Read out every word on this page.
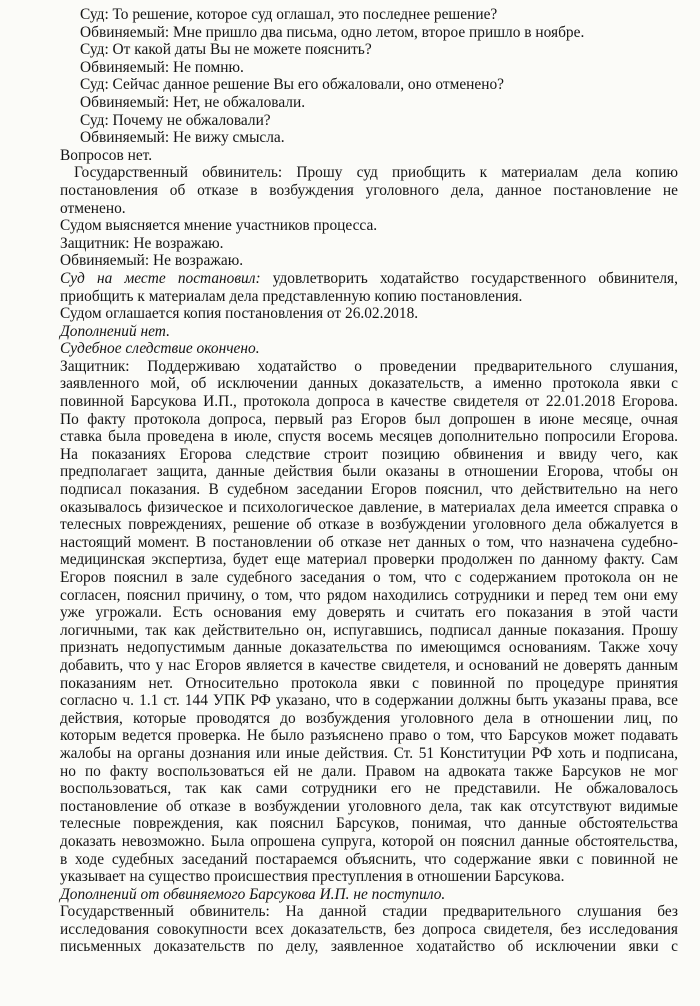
Суд: То решение, которое суд оглашал, это последнее решение?
Обвиняемый: Мне пришло два письма, одно летом, второе пришло в ноябре.
Суд: От какой даты Вы не можете пояснить?
Обвиняемый: Не помню.
Суд: Сейчас данное решение Вы его обжаловали, оно отменено?
Обвиняемый: Нет, не обжаловали.
Суд: Почему не обжаловали?
Обвиняемый: Не вижу смысла.
Вопросов нет.
Государственный обвинитель: Прошу суд приобщить к материалам дела копию
постановления об отказе в возбуждения уголовного дела, данное постановление не
отменено.
Судом выясняется мнение участников процесса.
Защитник: Не возражаю.
Обвиняемый: Не возражаю.
Суд на месте постановил: удовлетворить ходатайство государственного обвинителя,
приобщить к материалам дела представленную копию постановления.
Судом оглашается копия постановления от 26.02.2018.
Дополнений нет.
Судебное следствие окончено.
Защитник: Поддерживаю ходатайство о проведении предварительного слушания,
заявленного мой, об исключении данных доказательств, а именно протокола явки с
повинной Барсукова И.П., протокола допроса в качестве свидетеля от 22.01.2018 Егорова.
По факту протокола допроса, первый раз Егоров был допрошен в июне месяце, очная
ставка была проведена в июле, спустя восемь месяцев дополнительно попросили Егорова.
На показаниях Егорова следствие строит позицию обвинения и ввиду чего, как
предполагает защита, данные действия были оказаны в отношении Егорова, чтобы он
подписал показания. В судебном заседании Егоров пояснил, что действительно на него
оказывалось физическое и психологическое давление, в материалах дела имеется справка о
телесных повреждениях, решение об отказе в возбуждении уголовного дела обжалуется в
настоящий момент. В постановлении об отказе нет данных о том, что назначена судебно-
медицинская экспертиза, будет еще материал проверки продолжен по данному факту. Сам
Егоров пояснил в зале судебного заседания о том, что с содержанием протокола он не
согласен, пояснил причину, о том, что рядом находились сотрудники и перед тем они ему
уже угрожали. Есть основания ему доверять и считать его показания в этой части
логичными, так как действительно он, испугавшись, подписал данные показания. Прошу
признать недопустимым данные доказательства по имеющимся основаниям. Также хочу
добавить, что у нас Егоров является в качестве свидетеля, и оснований не доверять данным
показаниям нет. Относительно протокола явки с повинной по процедуре принятия
согласно ч. 1.1 ст. 144 УПК РФ указано, что в содержании должны быть указаны права, все
действия, которые проводятся до возбуждения уголовного дела в отношении лиц, по
которым ведется проверка. Не было разъяснено право о том, что Барсуков может подавать
жалобы на органы дознания или иные действия. Ст. 51 Конституции РФ хоть и подписана,
но по факту воспользоваться ей не дали. Правом на адвоката также Барсуков не мог
воспользоваться, так как сами сотрудники его не представили. Не обжаловалось
постановление об отказе в возбуждении уголовного дела, так как отсутствуют видимые
телесные повреждения, как пояснил Барсуков, понимая, что данные обстоятельства
доказать невозможно. Была опрошена супруга, которой он пояснил данные обстоятельства,
в ходе судебных заседаний постараемся объяснить, что содержание явки с повинной не
указывает на существо происшествия преступления в отношении Барсукова.
Дополнений от обвиняемого Барсукова И.П. не поступило.
Государственный обвинитель: На данной стадии предварительного слушания без
исследования совокупности всех доказательств, без допроса свидетеля, без исследования
письменных доказательств по делу, заявленное ходатайство об исключении явки с
